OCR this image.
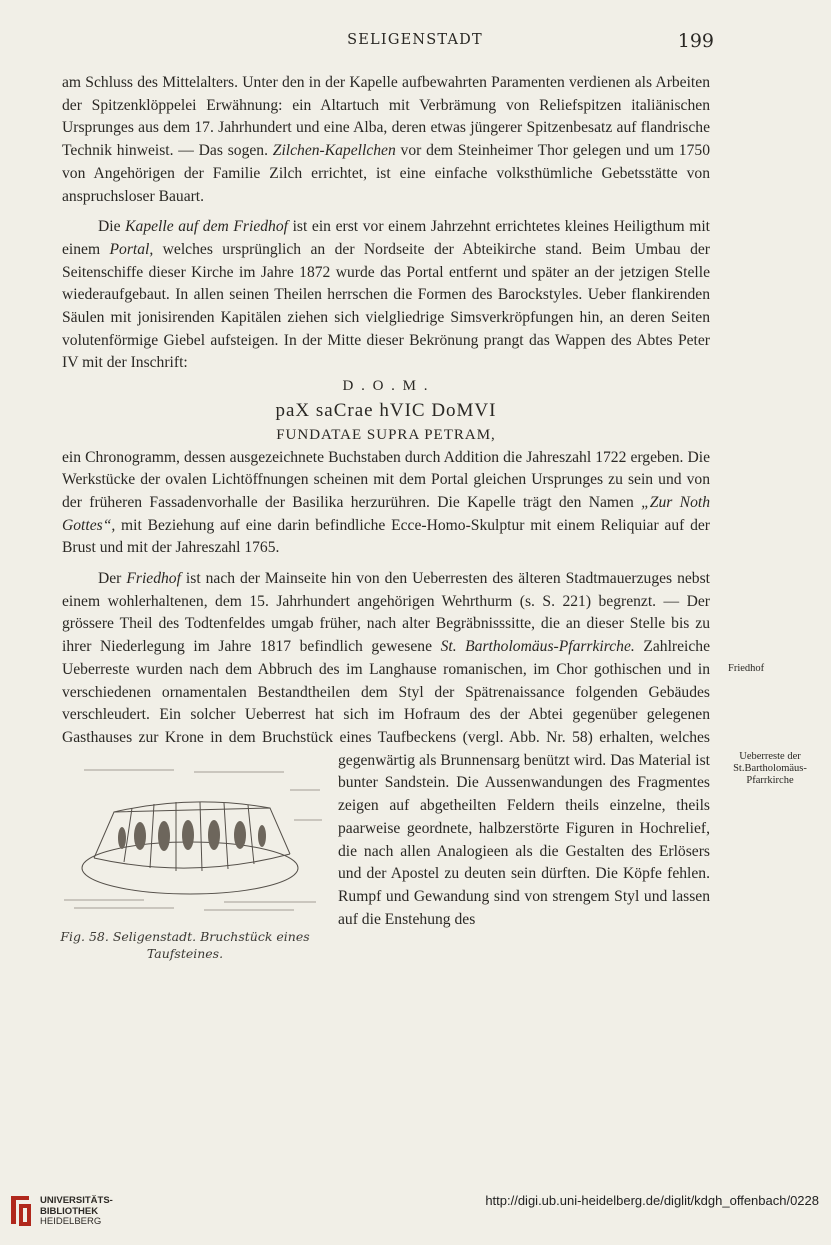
SELIGENSTADT	199

am Schluss des Mittelalters. Unter den in der Kapelle aufbewahrten Paramenten verdienen als Arbeiten der Spitzenklöppelei Erwähnung: ein Altartuch mit Verbrämung von Reliefspitzen italiänischen Ursprunges aus dem 17. Jahrhundert und eine Alba, deren etwas jüngerer Spitzenbesatz auf flandrische Technik hinweist. — Das sogen. Zilchen-Kapellchen vor dem Steinheimer Thor gelegen und um 1750 von Angehörigen der Familie Zilch errichtet, ist eine einfache volksthümliche Gebetsstätte von anspruchsloser Bauart.

Die Kapelle auf dem Friedhof ist ein erst vor einem Jahrzehnt errichtetes kleines Heiligthum mit einem Portal, welches ursprünglich an der Nordseite der Abteikirche stand. Beim Umbau der Seitenschiffe dieser Kirche im Jahre 1872 wurde das Portal entfernt und später an der jetzigen Stelle wiederaufgebaut. In allen seinen Theilen herrschen die Formen des Barockstyles. Ueber flankirenden Säulen mit jonisirenden Kapitälen ziehen sich vielgliedrige Simsverkröpfungen hin, an deren Seiten volutenförmige Giebel aufsteigen. In der Mitte dieser Bekrönung prangt das Wappen des Abtes Peter IV mit der Inschrift:

D . O . M .

paX saCrae hVIC DoMVI

FUNDATAE SUPRA PETRAM,

ein Chronogramm, dessen ausgezeichnete Buchstaben durch Addition die Jahreszahl 1722 ergeben. Die Werkstücke der ovalen Lichtöffnungen scheinen mit dem Portal gleichen Ursprunges zu sein und von der früheren Fassadenvorhalle der Basilika herzurühren. Die Kapelle trägt den Namen „Zur Noth Gottes“, mit Beziehung auf eine darin befindliche Ecce-Homo-Skulptur mit einem Reliquiar auf der Brust und mit der Jahreszahl 1765.

Der Friedhof ist nach der Mainseite hin von den Ueberresten des älteren Stadtmauerzuges nebst einem wohlerhaltenen, dem 15. Jahrhundert angehörigen Wehrthurm (s. S. 221) begrenzt. — Der grössere Theil des Todtenfeldes umgab früher, nach alter Begräbnisssitte, die an dieser Stelle bis zu ihrer Niederlegung im Jahre 1817 befindlich gewesene St. Bartholomäus-Pfarrkirche. Zahlreiche Ueberreste wurden nach dem Abbruch des im Langhause romanischen, im Chor gothischen und in verschiedenen ornamentalen Bestandtheilen dem Styl der Spätrenaissance folgenden Gebäudes verschleudert. Ein solcher Ueberrest hat sich im Hofraum des der Abtei gegenüber gelegenen Gasthauses zur Krone in dem Bruchstück eines Taufbeckens (vergl. Abb. Nr. 58) erhalten, welches gegenwärtig als
Brunnensarg benützt wird. Das Material ist bunter Sandstein. Die Aussenwandungen des Fragmentes zeigen auf abgetheilten Feldern theils einzelne, theils paarweise geordnete, halbzerstörte Figuren in Hochrelief, die nach allen Analogieen als die Gestalten des Erlösers und der Apostel zu deuten sein dürften. Die Köpfe fehlen. Rumpf und Gewandung sind von strengem Styl und lassen auf die Enstehung des

Fig. 58. Seligenstadt. Bruchstück eines
Taufsteines.
Friedhof
Ueberreste der
St.Bartholomäus-
Pfarrkirche
UNIVERSITÄTS-
BIBLIOTHEK
HEIDELBERG
http://digi.ub.uni-heidelberg.de/diglit/kdgh_offenbach/0228
